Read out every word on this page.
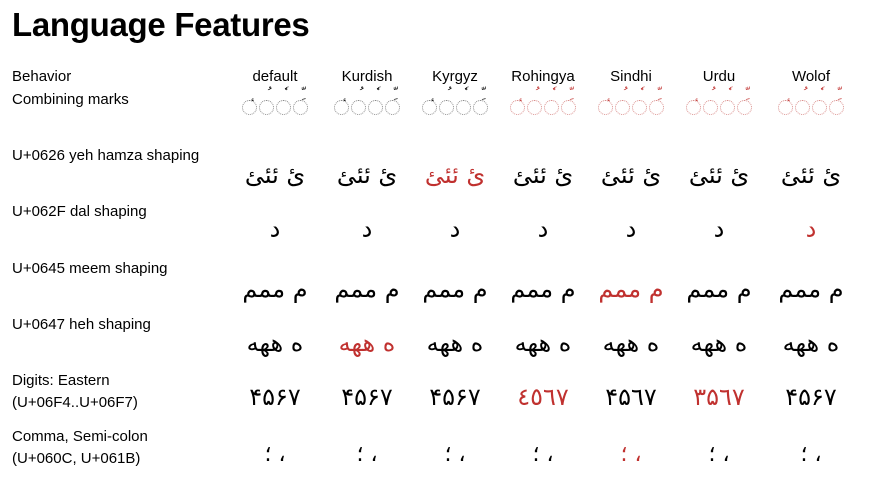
Language Features
Behavior
Combining marks
U+0626 yeh hamza shaping
U+062F dal shaping
U+0645 meem shaping
U+0647 heh shaping
Digits: Eastern
(U+06F4..U+06F7)
Comma, Semi-colon
(U+060C, U+061B)
default
ئ ئئئ
د
م ممم
ه ههه
۴۵۶۷
، ؛
Kurdish
ئ ئئئ
د
م ممم
ه ههه
۴۵۶۷
، ؛
Kyrgyz
ئ ئئئ
د
م ممم
ه ههه
۴۵۶۷
، ؛
Rohingya
ئ ئئئ
د
م ممم
ه ههه
٤٥٦٧
، ؛
Sindhi
ئ ئئئ
د
م ممم
ه ههه
۴۵٦٧
، ؛
Urdu
ئ ئئئ
د
م ممم
ه ههه
۳۵٦٧
، ؛
Wolof
ئ ئئئ
د
م ممم
ه ههه
۴۵۶۷
، ؛
